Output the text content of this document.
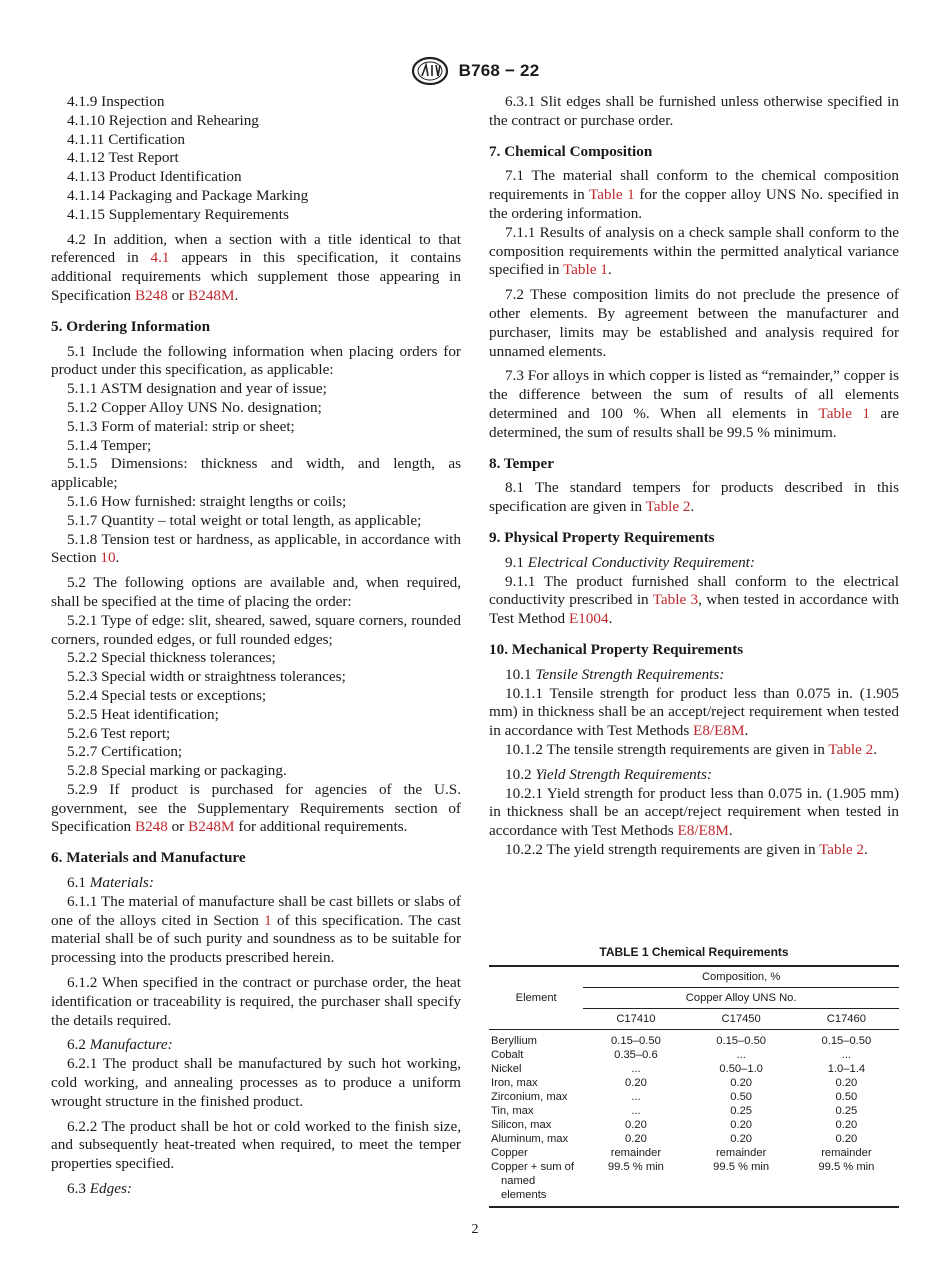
B768 − 22

4.1.9 Inspection

4.1.10 Rejection and Rehearing

4.1.11 Certification

4.1.12 Test Report

4.1.13 Product Identification

4.1.14 Packaging and Package Marking

4.1.15 Supplementary Requirements

4.2 In addition, when a section with a title identical to that referenced in 4.1 appears in this specification, it contains additional requirements which supplement those appearing in Specification B248 or B248M.

5. Ordering Information

5.1 Include the following information when placing orders for product under this specification, as applicable:

5.1.1 ASTM designation and year of issue;

5.1.2 Copper Alloy UNS No. designation;

5.1.3 Form of material: strip or sheet;

5.1.4 Temper;

5.1.5 Dimensions: thickness and width, and length, as applicable;

5.1.6 How furnished: straight lengths or coils;

5.1.7 Quantity – total weight or total length, as applicable;

5.1.8 Tension test or hardness, as applicable, in accordance with Section 10.

5.2 The following options are available and, when required, shall be specified at the time of placing the order:

5.2.1 Type of edge: slit, sheared, sawed, square corners, rounded corners, rounded edges, or full rounded edges;

5.2.2 Special thickness tolerances;

5.2.3 Special width or straightness tolerances;

5.2.4 Special tests or exceptions;

5.2.5 Heat identification;

5.2.6 Test report;

5.2.7 Certification;

5.2.8 Special marking or packaging.

5.2.9 If product is purchased for agencies of the U.S. government, see the Supplementary Requirements section of Specification B248 or B248M for additional requirements.

6. Materials and Manufacture

6.1 Materials:

6.1.1 The material of manufacture shall be cast billets or slabs of one of the alloys cited in Section 1 of this specification. The cast material shall be of such purity and soundness as to be suitable for processing into the products prescribed herein.

6.1.2 When specified in the contract or purchase order, the heat identification or traceability is required, the purchaser shall specify the details required.

6.2 Manufacture:

6.2.1 The product shall be manufactured by such hot working, cold working, and annealing processes as to produce a uniform wrought structure in the finished product.

6.2.2 The product shall be hot or cold worked to the finish size, and subsequently heat-treated when required, to meet the temper properties specified.

6.3 Edges:

6.3.1 Slit edges shall be furnished unless otherwise specified in the contract or purchase order.

7. Chemical Composition

7.1 The material shall conform to the chemical composition requirements in Table 1 for the copper alloy UNS No. specified in the ordering information.

7.1.1 Results of analysis on a check sample shall conform to the composition requirements within the permitted analytical variance specified in Table 1.

7.2 These composition limits do not preclude the presence of other elements. By agreement between the manufacturer and purchaser, limits may be established and analysis required for unnamed elements.

7.3 For alloys in which copper is listed as “remainder,” copper is the difference between the sum of results of all elements determined and 100 %. When all elements in Table 1 are determined, the sum of results shall be 99.5 % minimum.

8. Temper

8.1 The standard tempers for products described in this specification are given in Table 2.

9. Physical Property Requirements

9.1 Electrical Conductivity Requirement:

9.1.1 The product furnished shall conform to the electrical conductivity prescribed in Table 3, when tested in accordance with Test Method E1004.

10. Mechanical Property Requirements

10.1 Tensile Strength Requirements:

10.1.1 Tensile strength for product less than 0.075 in. (1.905 mm) in thickness shall be an accept/reject requirement when tested in accordance with Test Methods E8/E8M.

10.1.2 The tensile strength requirements are given in Table 2.

10.2 Yield Strength Requirements:

10.2.1 Yield strength for product less than 0.075 in. (1.905 mm) in thickness shall be an accept/reject requirement when tested in accordance with Test Methods E8/E8M.

10.2.2 The yield strength requirements are given in Table 2.

TABLE 1 Chemical Requirements
Element	Composition, %		
	Copper Alloy UNS No.		
	C17410	C17450	C17460
Beryllium	0.15–0.50	0.15–0.50	0.15–0.50
Cobalt	0.35–0.6	...	...
Nickel	...	0.50–1.0	1.0–1.4
Iron, max	0.20	0.20	0.20
Zirconium, max	...	0.50	0.50
Tin, max	...	0.25	0.25
Silicon, max	0.20	0.20	0.20
Aluminum, max	0.20	0.20	0.20
Copper	remainder	remainder	remainder

Copper + sum of
named elements	99.5 % min	99.5 % min	99.5 % min
2
